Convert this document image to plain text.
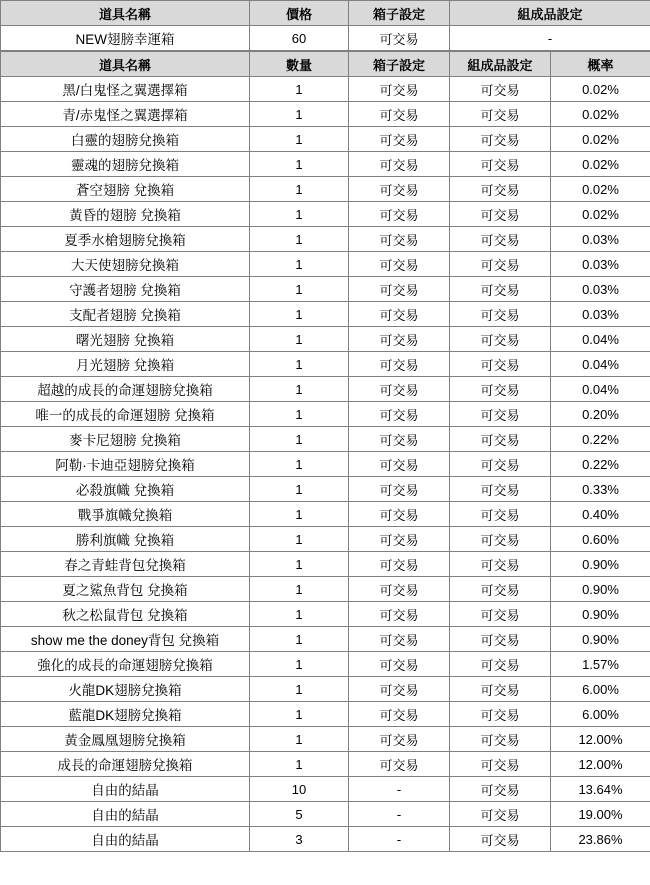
道具名稱	價格	箱子設定	組成品設定
NEW翅膀幸運箱	60	可交易	-
道具名稱	數量	箱子設定	組成品設定	概率
黑/白鬼怪之翼選擇箱	1	可交易	可交易	0.02%
青/赤鬼怪之翼選擇箱	1	可交易	可交易	0.02%
白靈的翅膀兌換箱	1	可交易	可交易	0.02%
靈魂的翅膀兌換箱	1	可交易	可交易	0.02%
蒼空翅膀 兌換箱	1	可交易	可交易	0.02%
黃昏的翅膀 兌換箱	1	可交易	可交易	0.02%
夏季水槍翅膀兌換箱	1	可交易	可交易	0.03%
大天使翅膀兌換箱	1	可交易	可交易	0.03%
守護者翅膀 兌換箱	1	可交易	可交易	0.03%
支配者翅膀 兌換箱	1	可交易	可交易	0.03%
曙光翅膀 兌換箱	1	可交易	可交易	0.04%
月光翅膀 兌換箱	1	可交易	可交易	0.04%
超越的成長的命運翅膀兌換箱	1	可交易	可交易	0.04%
唯一的成長的命運翅膀 兌換箱	1	可交易	可交易	0.20%
麥卡尼翅膀 兌換箱	1	可交易	可交易	0.22%
阿勒·卡迪亞翅膀兌換箱	1	可交易	可交易	0.22%
必殺旗幟 兌換箱	1	可交易	可交易	0.33%
戰爭旗幟兌換箱	1	可交易	可交易	0.40%
勝利旗幟 兌換箱	1	可交易	可交易	0.60%
春之青蛙背包兌換箱	1	可交易	可交易	0.90%
夏之鯊魚背包 兌換箱	1	可交易	可交易	0.90%
秋之松鼠背包 兌換箱	1	可交易	可交易	0.90%
show me the doney背包 兌換箱	1	可交易	可交易	0.90%
強化的成長的命運翅膀兌換箱	1	可交易	可交易	1.57%
火龍DK翅膀兌換箱	1	可交易	可交易	6.00%
藍龍DK翅膀兌換箱	1	可交易	可交易	6.00%
黃金鳳凰翅膀兌換箱	1	可交易	可交易	12.00%
成長的命運翅膀兌換箱	1	可交易	可交易	12.00%
自由的結晶	10	-	可交易	13.64%
自由的結晶	5	-	可交易	19.00%
自由的結晶	3	-	可交易	23.86%
